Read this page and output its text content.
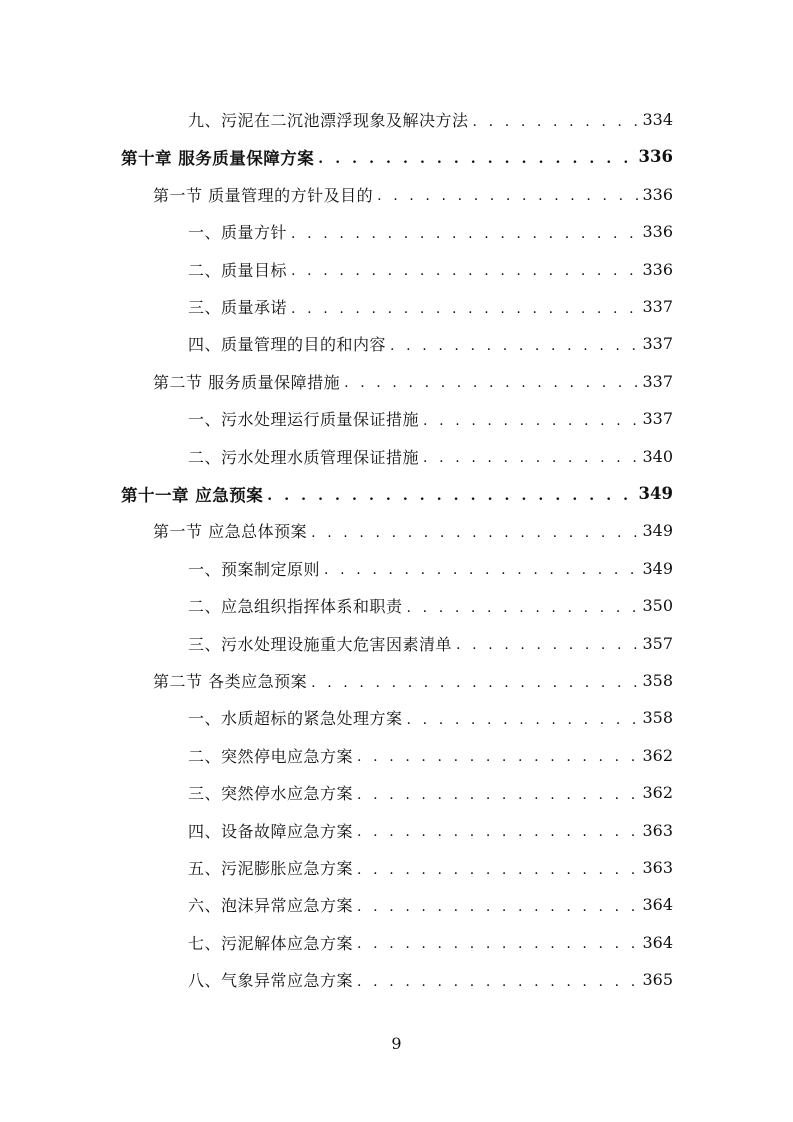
九、污泥在二沉池漂浮现象及解决方法 . . .	334
第十章 服务质量保障方案 . . .	336
第一节 质量管理的方针及目的 . . .	336
一、质量方针 . . .	336
二、质量目标 . . .	336
三、质量承诺 . . .	337
四、质量管理的目的和内容 . . .	337
第二节 服务质量保障措施 . . .	337
一、污水处理运行质量保证措施 . . .	337
二、污水处理水质管理保证措施 . . .	340
第十一章 应急预案 . . .	349
第一节 应急总体预案 . . .	349
一、预案制定原则 . . .	349
二、应急组织指挥体系和职责 . . .	350
三、污水处理设施重大危害因素清单 . . .	357
第二节 各类应急预案 . . .	358
一、水质超标的紧急处理方案 . . .	358
二、突然停电应急方案 . . .	362
三、突然停水应急方案 . . .	362
四、设备故障应急方案 . . .	363
五、污泥膨胀应急方案 . . .	363
六、泡沫异常应急方案 . . .	364
七、污泥解体应急方案 . . .	364
八、气象异常应急方案 . . .	365
9
